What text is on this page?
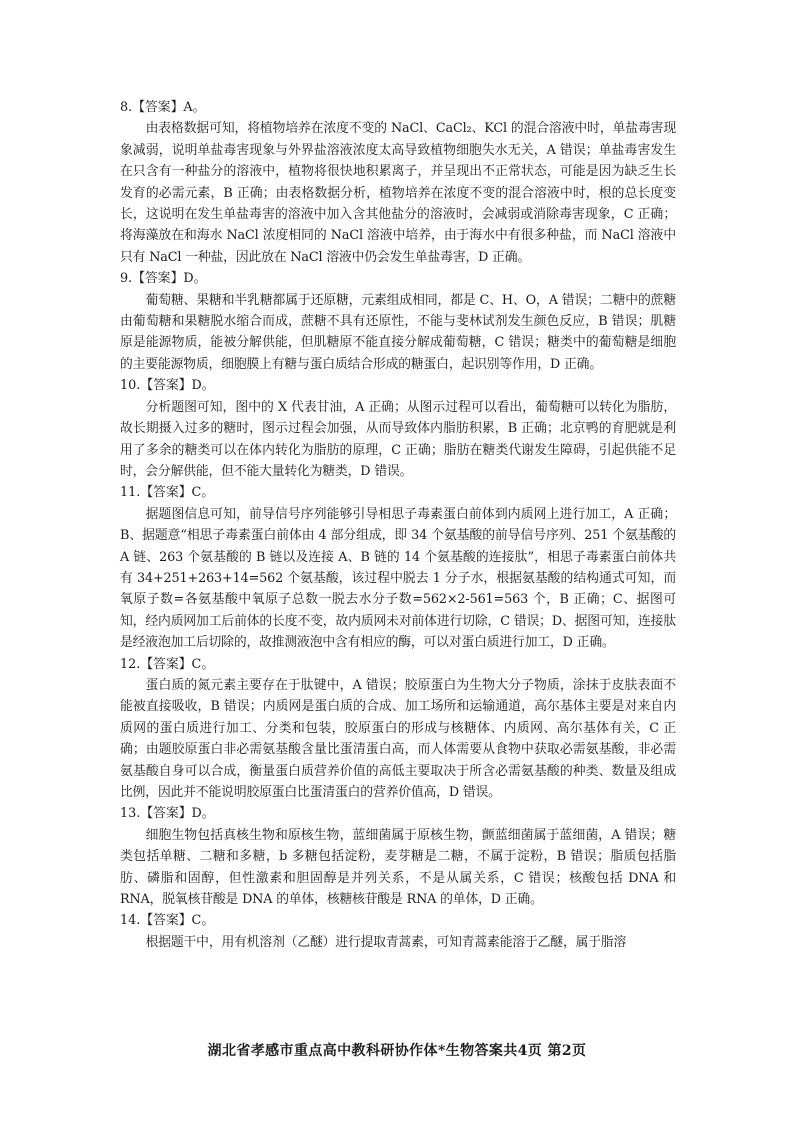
8.【答案】A。

由表格数据可知，将植物培养在浓度不变的 NaCl、CaCl₂、KCl 的混合溶液中时，单盐毒害现象减弱，说明单盐毒害现象与外界盐溶液浓度太高导致植物细胞失水无关，A 错误；单盐毒害发生在只含有一种盐分的溶液中，植物将很快地积累离子，并呈现出不正常状态，可能是因为缺乏生长发育的必需元素，B 正确；由表格数据分析，植物培养在浓度不变的混合溶液中时，根的总长度变长，这说明在发生单盐毒害的溶液中加入含其他盐分的溶液时，会减弱或消除毒害现象，C 正确；将海藻放在和海水 NaCl 浓度相同的 NaCl 溶液中培养，由于海水中有很多种盐，而 NaCl 溶液中只有 NaCl 一种盐，因此放在 NaCl 溶液中仍会发生单盐毒害，D 正确。

9.【答案】D。

葡萄糖、果糖和半乳糖都属于还原糖，元素组成相同，都是 C、H、O，A 错误；二糖中的蔗糖由葡萄糖和果糖脱水缩合而成，蔗糖不具有还原性，不能与斐林试剂发生颜色反应，B 错误；肌糖原是能源物质，能被分解供能，但肌糖原不能直接分解成葡萄糖，C 错误；糖类中的葡萄糖是细胞的主要能源物质，细胞膜上有糖与蛋白质结合形成的糖蛋白，起识别等作用，D 正确。

10.【答案】D。

分析题图可知，图中的 X 代表甘油，A 正确；从图示过程可以看出，葡萄糖可以转化为脂肪，故长期摄入过多的糖时，图示过程会加强，从而导致体内脂肪积累，B 正确；北京鸭的育肥就是利用了多余的糖类可以在体内转化为脂肪的原理，C 正确；脂肪在糖类代谢发生障碍，引起供能不足时，会分解供能，但不能大量转化为糖类，D 错误。

11.【答案】C。

据题图信息可知，前导信号序列能够引导相思子毒素蛋白前体到内质网上进行加工，A 正确；B、据题意“相思子毒素蛋白前体由 4 部分组成，即 34 个氨基酸的前导信号序列、251 个氨基酸的 A 链、263 个氨基酸的 B 链以及连接 A、B 链的 14 个氨基酸的连接肽”，相思子毒素蛋白前体共有 34+251+263+14=562 个氨基酸，该过程中脱去 1 分子水，根据氨基酸的结构通式可知，而氧原子数=各氨基酸中氧原子总数一脱去水分子数=562×2-561=563 个，B 正确；C、据图可知，经内质网加工后前体的长度不变，故内质网未对前体进行切除，C 错误；D、据图可知，连接肽是经液泡加工后切除的，故推测液泡中含有相应的酶，可以对蛋白质进行加工，D 正确。

12.【答案】C。

蛋白质的氮元素主要存在于肽键中，A 错误；胶原蛋白为生物大分子物质，涂抹于皮肤表面不能被直接吸收，B 错误；内质网是蛋白质的合成、加工场所和运输通道，高尔基体主要是对来自内质网的蛋白质进行加工、分类和包装，胶原蛋白的形成与核糖体、内质网、高尔基体有关，C 正确；由题胶原蛋白非必需氨基酸含量比蛋清蛋白高，而人体需要从食物中获取必需氨基酸，非必需氨基酸自身可以合成，衡量蛋白质营养价值的高低主要取决于所含必需氨基酸的种类、数量及组成比例，因此并不能说明胶原蛋白比蛋清蛋白的营养价值高，D 错误。

13.【答案】D。

细胞生物包括真核生物和原核生物，蓝细菌属于原核生物，颤蓝细菌属于蓝细菌，A 错误；糖类包括单糖、二糖和多糖，b 多糖包括淀粉，麦芽糖是二糖，不属于淀粉，B 错误；脂质包括脂肪、磷脂和固醇，但性激素和胆固醇是并列关系，不是从属关系，C 错误；核酸包括 DNA 和 RNA，脱氧核苷酸是 DNA 的单体，核糖核苷酸是 RNA 的单体，D 正确。

14.【答案】C。

根据题干中，用有机溶剂（乙醚）进行提取青蒿素，可知青蒿素能溶于乙醚，属于脂溶

湖北省孝感市重点高中教科研协作体*生物答案共4页 第2页
